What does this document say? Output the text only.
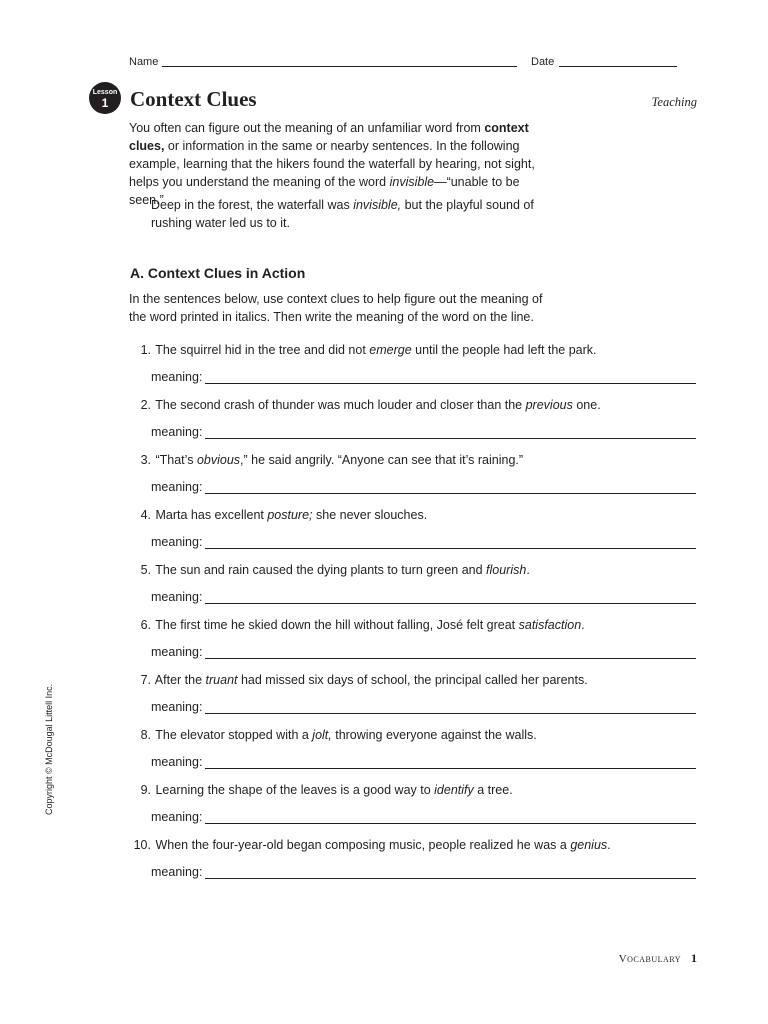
Name	Date
Lesson
1	Context Clues	Teaching
You often can figure out the meaning of an unfamiliar word from context clues, or information in the same or nearby sentences. In the following example, learning that the hikers found the waterfall by hearing, not sight, helps you understand the meaning of the word invisible—“unable to be seen.”
Deep in the forest, the waterfall was invisible, but the playful sound of rushing water led us to it.
A. Context Clues in Action
In the sentences below, use context clues to help figure out the meaning of the word printed in italics. Then write the meaning of the word on the line.
1. The squirrel hid in the tree and did not emerge until the people had left the park.
meaning:
2. The second crash of thunder was much louder and closer than the previous one.
meaning:
3. “That’s obvious,” he said angrily. “Anyone can see that it’s raining.”
meaning:
4. Marta has excellent posture; she never slouches.
meaning:
5. The sun and rain caused the dying plants to turn green and flourish.
meaning:
6. The first time he skied down the hill without falling, José felt great satisfaction.
meaning:
7. After the truant had missed six days of school, the principal called her parents.
meaning:
8. The elevator stopped with a jolt, throwing everyone against the walls.
meaning:
9. Learning the shape of the leaves is a good way to identify a tree.
meaning:
10. When the four-year-old began composing music, people realized he was a genius.
meaning:
Copyright © McDougal Littell Inc.
Vocabulary 1
